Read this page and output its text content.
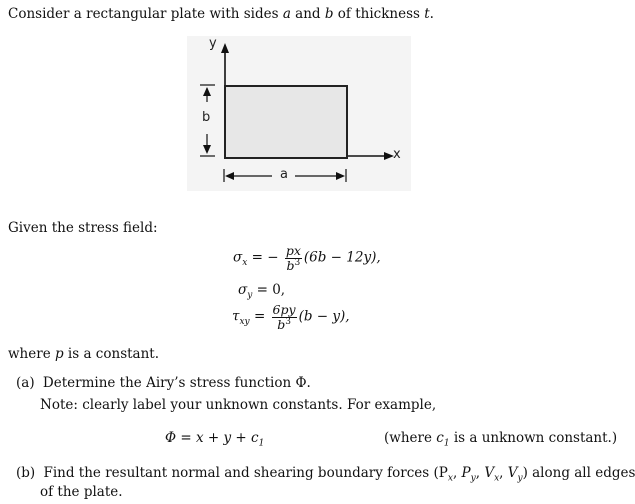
Consider a rectangular plate with sides a and b of thickness t.
y
x
b
a
Given the stress field:
$\sigma_x$ = − $\frac{px}{b^3} (6b - 12y)$,
$\sigma_y = 0$,
$\tau_{xy} = \frac{6py}{b^3} (b - y)$,
where p is a constant.
(a) Determine the Airy’s stress function Φ.
Note: clearly label your unknown constants. For example,
$\Phi = x + y + c_1$	(where $c_1$ is a unknown constant.)
(b) Find the resultant normal and shearing boundary forces ($P_x$, $P_y$, $V_x$, $V_y$) along all edges
of the plate.
